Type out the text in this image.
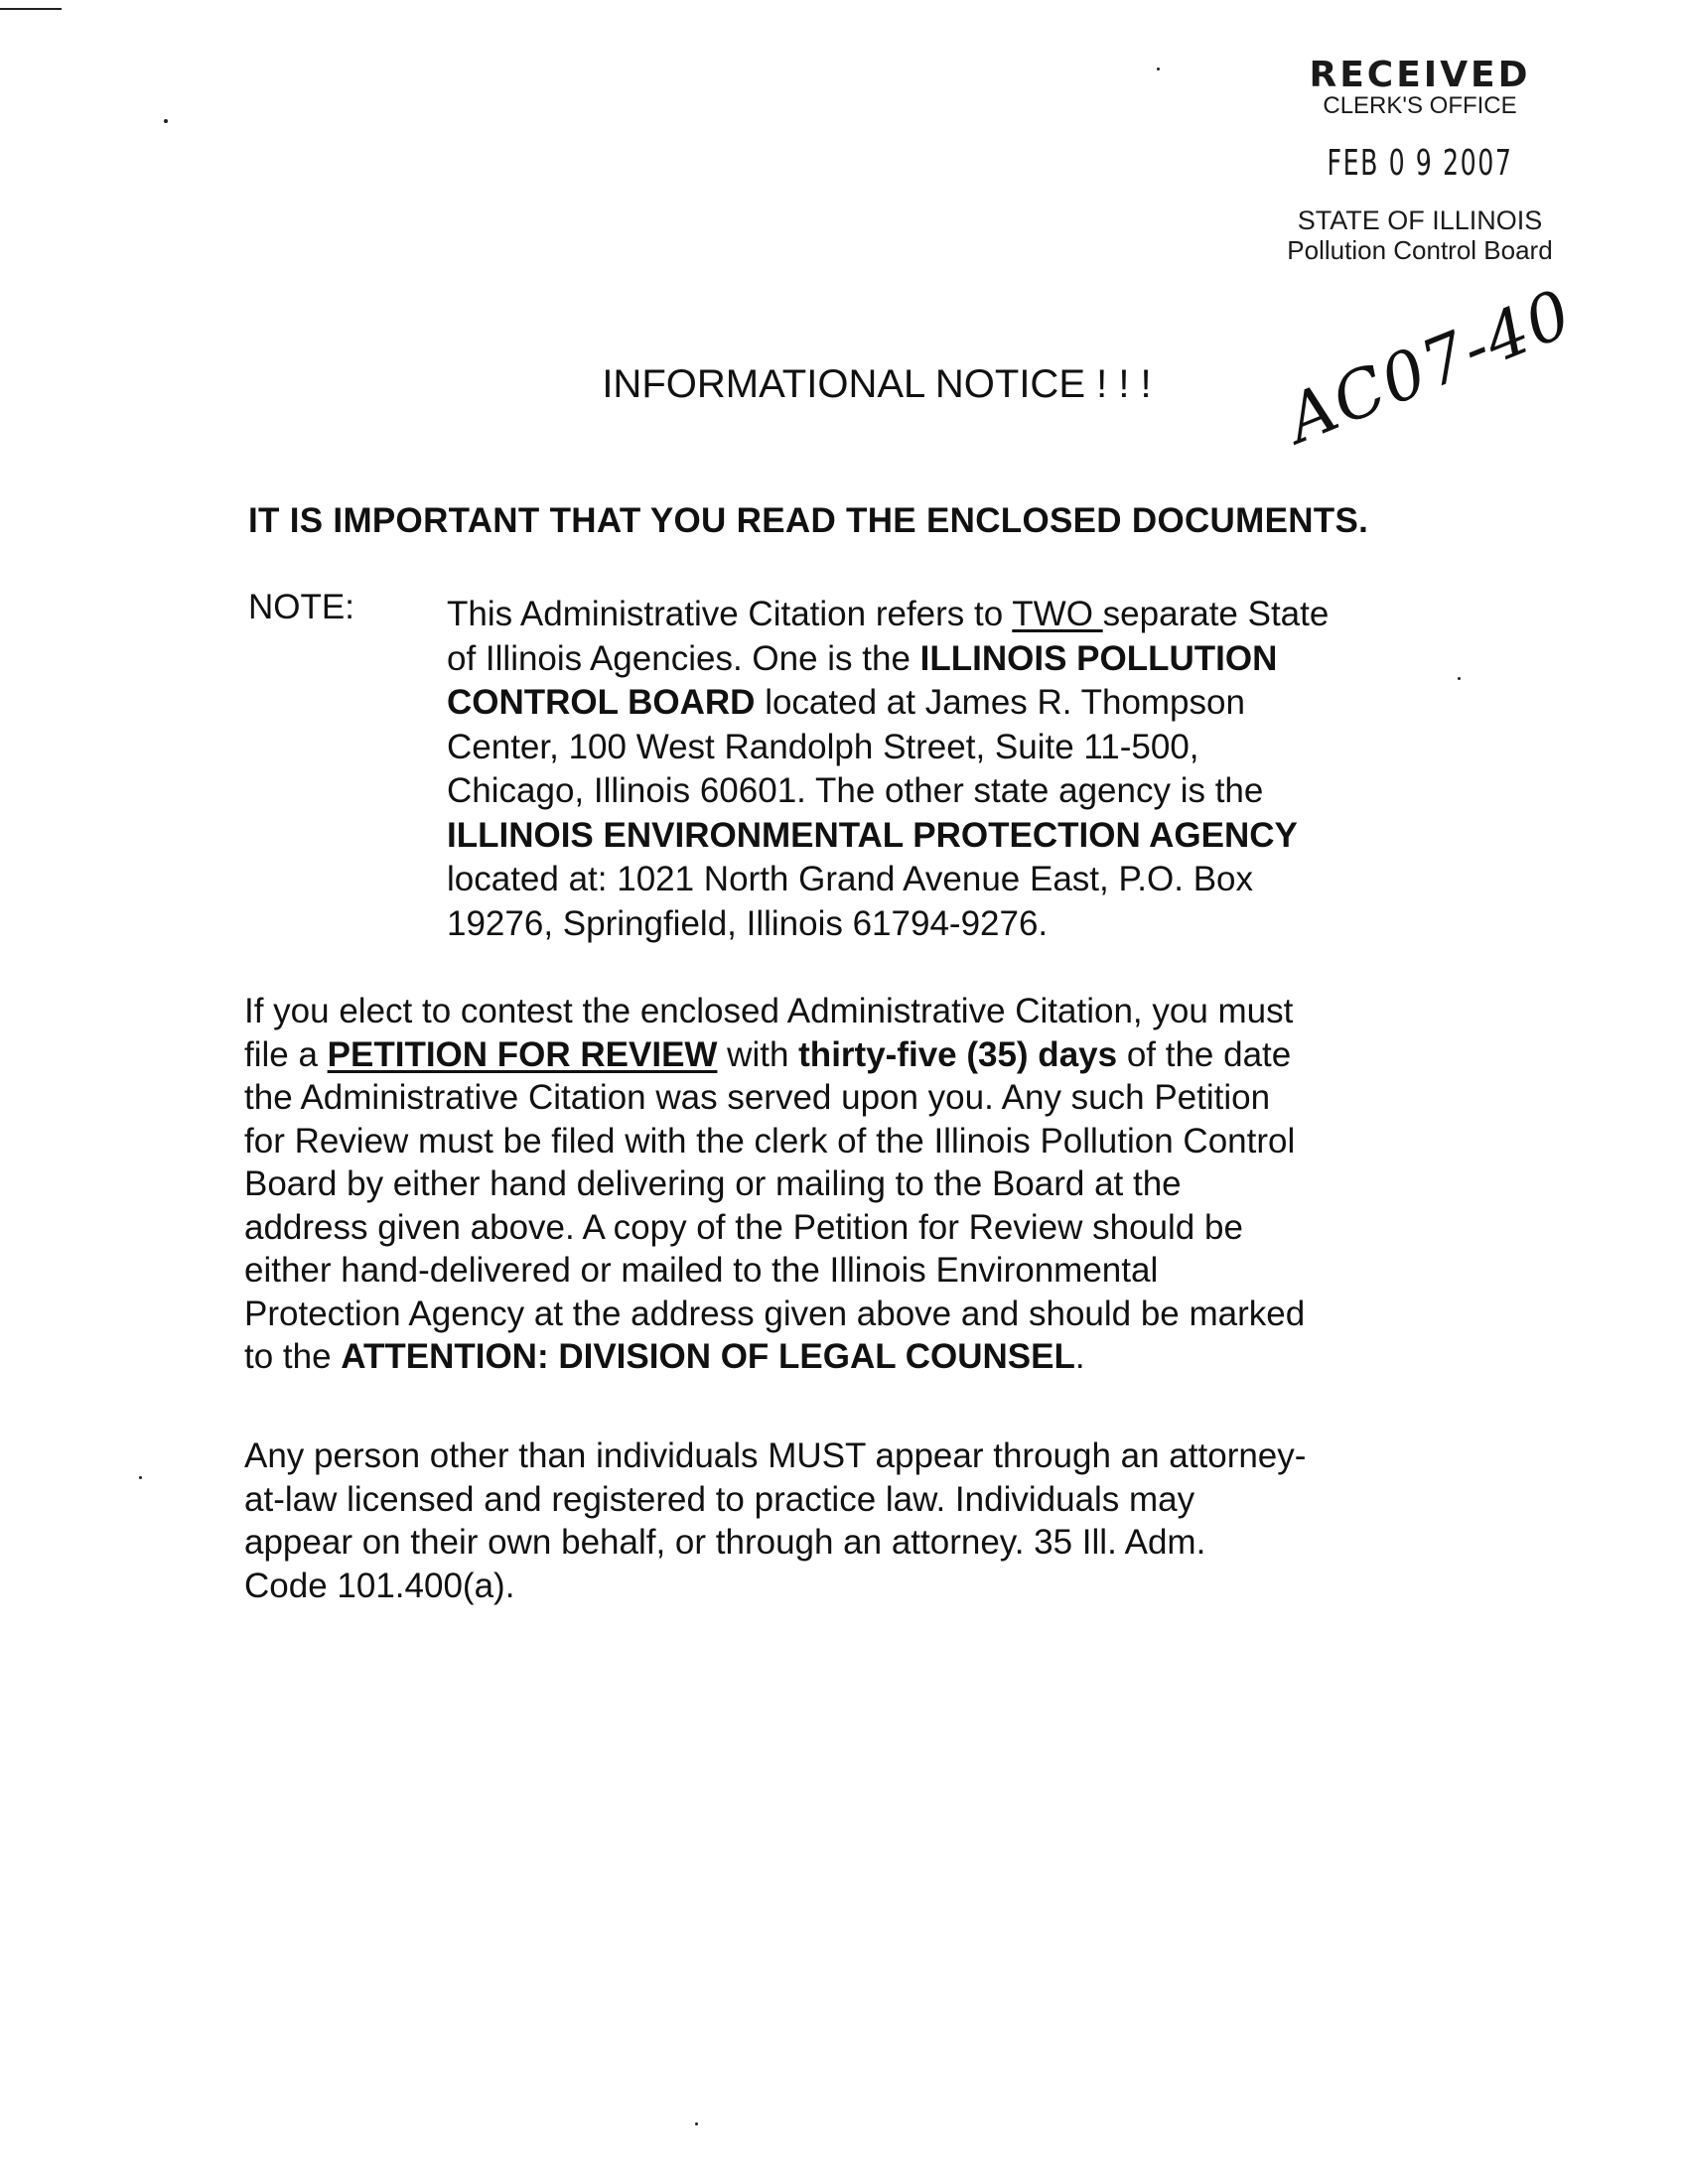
RECEIVED
CLERK'S OFFICE
FEB 0 9 2007
STATE OF ILLINOIS
Pollution Control Board
AC07-40
INFORMATIONAL NOTICE ! ! !
IT IS IMPORTANT THAT YOU READ THE ENCLOSED DOCUMENTS.
NOTE:	This Administrative Citation refers to TWO separate State
of Illinois Agencies. One is the ILLINOIS POLLUTION
CONTROL BOARD located at James R. Thompson
Center, 100 West Randolph Street, Suite 11-500,
Chicago, Illinois 60601. The other state agency is the
ILLINOIS ENVIRONMENTAL PROTECTION AGENCY
located at: 1021 North Grand Avenue East, P.O. Box
19276, Springfield, Illinois 61794-9276.
If you elect to contest the enclosed Administrative Citation, you must
file a PETITION FOR REVIEW with thirty-five (35) days of the date
the Administrative Citation was served upon you. Any such Petition
for Review must be filed with the clerk of the Illinois Pollution Control
Board by either hand delivering or mailing to the Board at the
address given above. A copy of the Petition for Review should be
either hand-delivered or mailed to the Illinois Environmental
Protection Agency at the address given above and should be marked
to the ATTENTION: DIVISION OF LEGAL COUNSEL.
Any person other than individuals MUST appear through an attorney-
at-law licensed and registered to practice law. Individuals may
appear on their own behalf, or through an attorney. 35 Ill. Adm.
Code 101.400(a).
